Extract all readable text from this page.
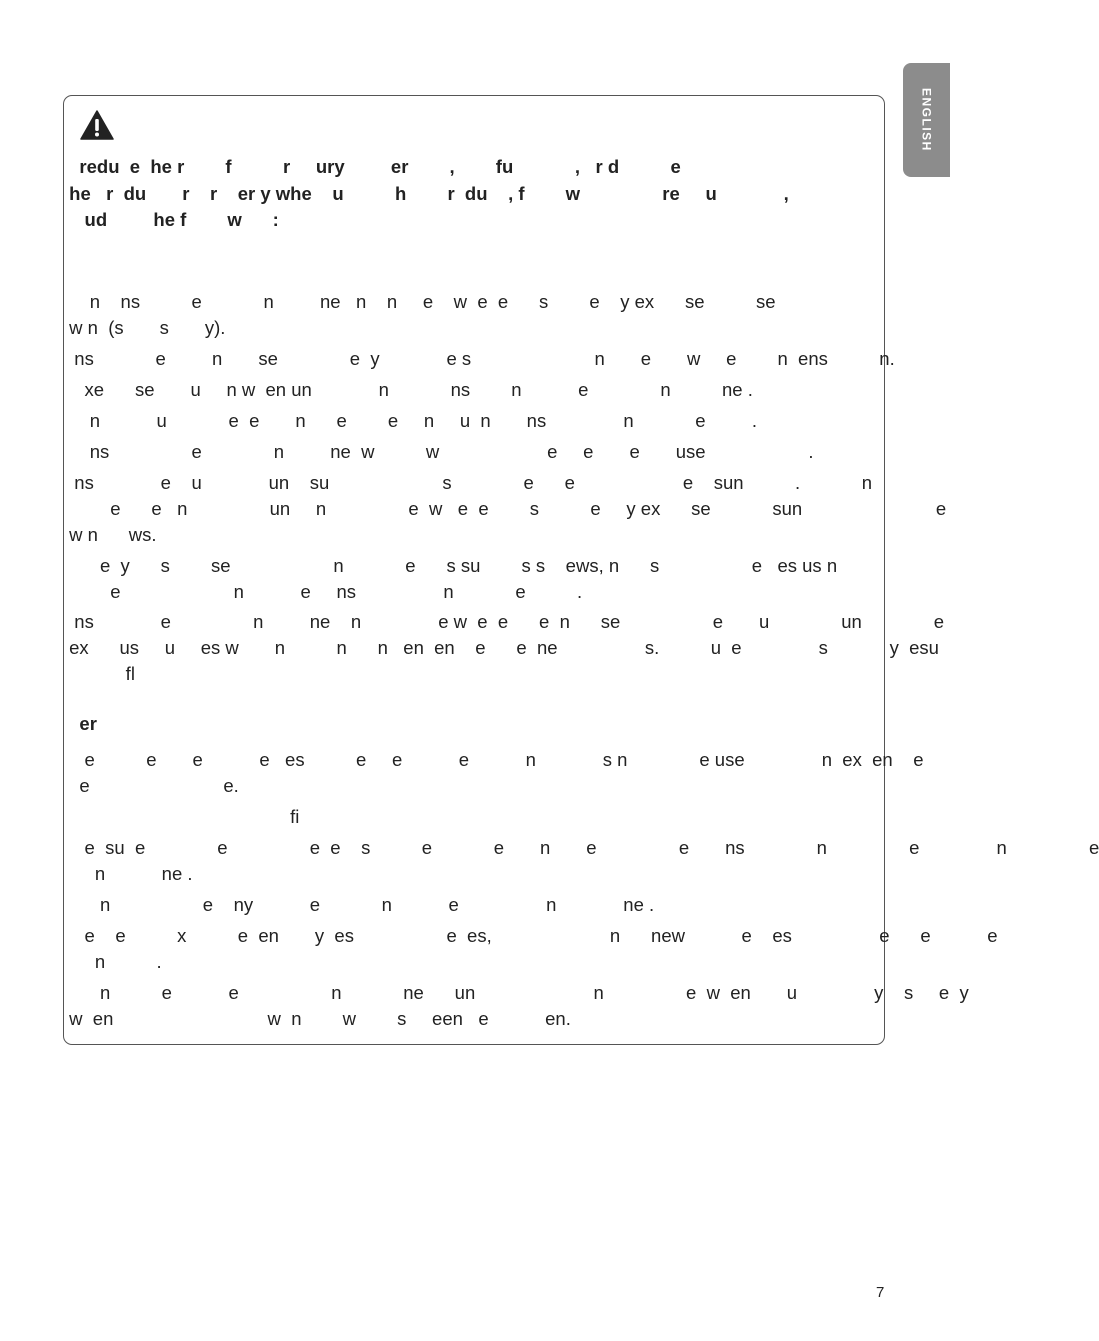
ENGLISH
redu  e  he r        f          r     ury         er        ,        fu            ,   r d          e
he   r  du       r    r    er y whe    u          h        r  du    , f        w                re     u             ,
ud         he f        w      :
n    ns          e            n         ne   n    n     e    w  e  e      s        e    y ex      se          se
w n  (s       s       y).
ns            e         n       se              e  y             e s                        n       e       w     e        n  ens          n.
xe      se       u     n w  en un             n            ns        n           e              n          ne .
n           u            e  e       n      e        e     n     u  n       ns               n            e         .
ns                e              n         ne  w          w                     e     e       e       use                    .
ns             e    u             un    su                      s              e      e                     e    sun          .            n
e      e   n                un     n                e  w   e  e        s          e     y ex      se            sun                          e
w n      ws.
e  y      s        se                    n            e      s su        s s    ews, n      s                  e   es us n
e                      n           e     ns                 n            e          .
ns             e                n         ne    n               e w  e  e      e  n      se                  e       u              un              e
ex      us     u     es w       n          n      n   en  en    e      e  ne                 s.          u  e               s            y  esu
fl
er
e          e       e           e   es          e     e           e           n             s n              e use               n  ex  en    e
e                          e.
fi
e  su  e              e                e  e    s          e            e       n       e                e       ns              n                e               n                e
n           ne .
n                  e    ny           e            n           e                 n             ne .
e    e          x          e  en       y  es                  e  es,                       n      new           e    es                 e      e           e
n          .
n          e           e                  n            ne      un                       n                e  w  en       u               y    s     e  y
w  en                              w  n        w        s     een   e           en.
7
